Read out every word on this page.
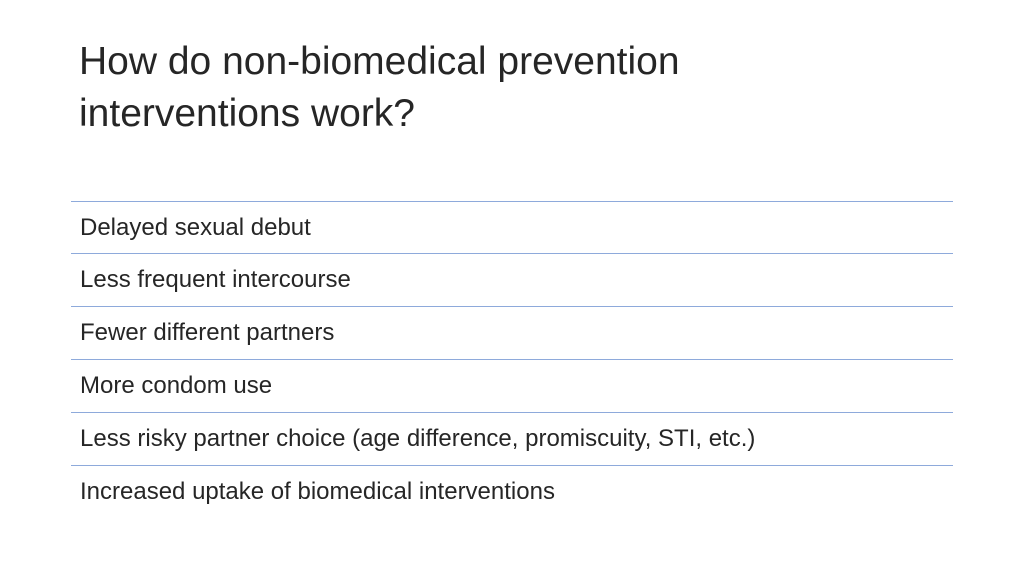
How do non-biomedical prevention
interventions work?
Delayed sexual debut
Less frequent intercourse
Fewer different partners
More condom use
Less risky partner choice (age difference, promiscuity, STI, etc.)
Increased uptake of biomedical interventions
